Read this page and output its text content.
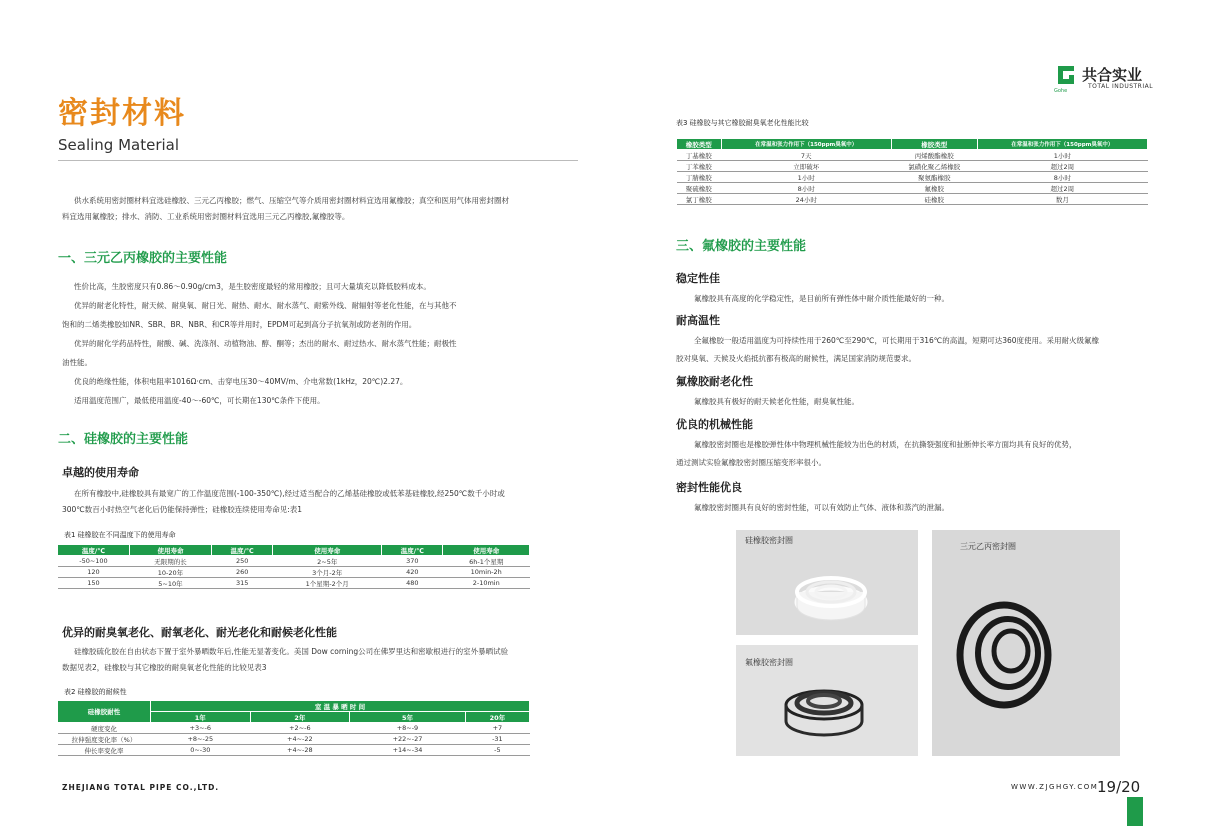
密封材料
Sealing Material
供水系统用密封圈材料宜选硅橡胶、三元乙丙橡胶；燃气、压缩空气等介质用密封圈材料宜选用氟橡胶；真空和医用气体用密封圈材
料宜选用氟橡胶；排水、消防、工业系统用密封圈材料宜选用三元乙丙橡胶,氟橡胶等。
一、三元乙丙橡胶的主要性能
性价比高，生胶密度只有0.86～0.90g/cm3，是生胶密度最轻的常用橡胶；且可大量填充以降低胶料成本。
优异的耐老化特性，耐天候、耐臭氧、耐日光、耐热、耐水、耐水蒸气、耐紫外线、耐辐射等老化性能，在与其他不
饱和的二烯类橡胶如NR、SBR、BR、NBR、和CR等并用时，EPDM可起到高分子抗氧剂或防老剂的作用。
优异的耐化学药品特性，耐酸、碱、洗涤剂、动植物油、醇、酮等；杰出的耐水、耐过热水、耐水蒸气性能；耐极性
油性能。
优良的绝缘性能，体积电阻率1016Ω·cm、击穿电压30～40MV/m、介电常数(1kHz，20℃)2.27。
适用温度范围广，最低使用温度-40～-60℃，可长期在130℃条件下使用。
二、硅橡胶的主要性能
卓越的使用寿命
在所有橡胶中,硅橡胶具有最宽广的工作温度范围(-100-350℃),经过适当配合的乙烯基硅橡胶或低苯基硅橡胶,经250℃数千小时或
300℃数百小时热空气老化后仍能保持弹性；硅橡胶连续使用寿命见:表1
表1 硅橡胶在不同温度下的使用寿命
温度/℃	使用寿命	温度/℃	使用寿命	温度/℃	使用寿命
-50~100	无限期的长	250	2~5年	370	6h-1个星期
120	10-20年	260	3个月-2年	420	10min-2h
150	5~10年	315	1个星期-2个月	480	2-10min
优异的耐臭氧老化、耐氧老化、耐光老化和耐候老化性能
硅橡胶硫化胶在自由状态下置于室外暴晒数年后,性能无显著变化。美国 Dow corning公司在佛罗里达和密歇根进行的室外暴晒试验
数据见表2，硅橡胶与其它橡胶的耐臭氧老化性能的比较见表3
表2 硅橡胶的耐候性
硅橡胶耐性	室 温 暴 晒 时 间			
	1年	2年	5年	20年
硬度变化	+3~-6	+2~-6	+8~-9	+7
拉伸强度变化率（%）	+8~-25	+4~-22	+22~-27	-31
伸长率变化率	0~-30	+4~-28	+14~-34	-5
ZHEJIANG TOTAL PIPE CO.,LTD.
Gohe
共合实业
TOTAL INDUSTRIAL
表3 硅橡胶与其它橡胶耐臭氧老化性能比较
橡胶类型	在常温和张力作用下（150ppm臭氧中）	橡胶类型	在常温和张力作用下（150ppm臭氧中）
丁基橡胶	7天	丙烯酸酯橡胶	1小时
丁苯橡胶	立即破坏	氯磺化聚乙烯橡胶	超过2周
丁腈橡胶	1小时	聚氨酯橡胶	8小时
聚硫橡胶	8小时	氟橡胶	超过2周
氯丁橡胶	24小时	硅橡胶	数月
三、氟橡胶的主要性能
稳定性佳
氟橡胶具有高度的化学稳定性，是目前所有弹性体中耐介质性能最好的一种。
耐高温性
全氟橡胶一般适用温度为可持续性用于260℃至290℃，可长期用于316℃的高温，短期可达360度使用。采用耐火级氟橡
胶对臭氧、天候及火焰抵抗都有极高的耐候性，满足国家消防规范要求。
氟橡胶耐老化性
氟橡胶具有极好的耐天候老化性能，耐臭氧性能。
优良的机械性能
氟橡胶密封圈也是橡胶弹性体中物理机械性能较为出色的材质，在抗撕裂强度和扯断伸长率方面均具有良好的优势，
通过测试实验氟橡胶密封圈压缩变形率很小。
密封性能优良
氟橡胶密封圈具有良好的密封性能，可以有效防止气体、液体和蒸汽的泄漏。
硅橡胶密封圈
三元乙丙密封圈
氟橡胶密封圈
WWW.ZJGHGY.COM
19/20
